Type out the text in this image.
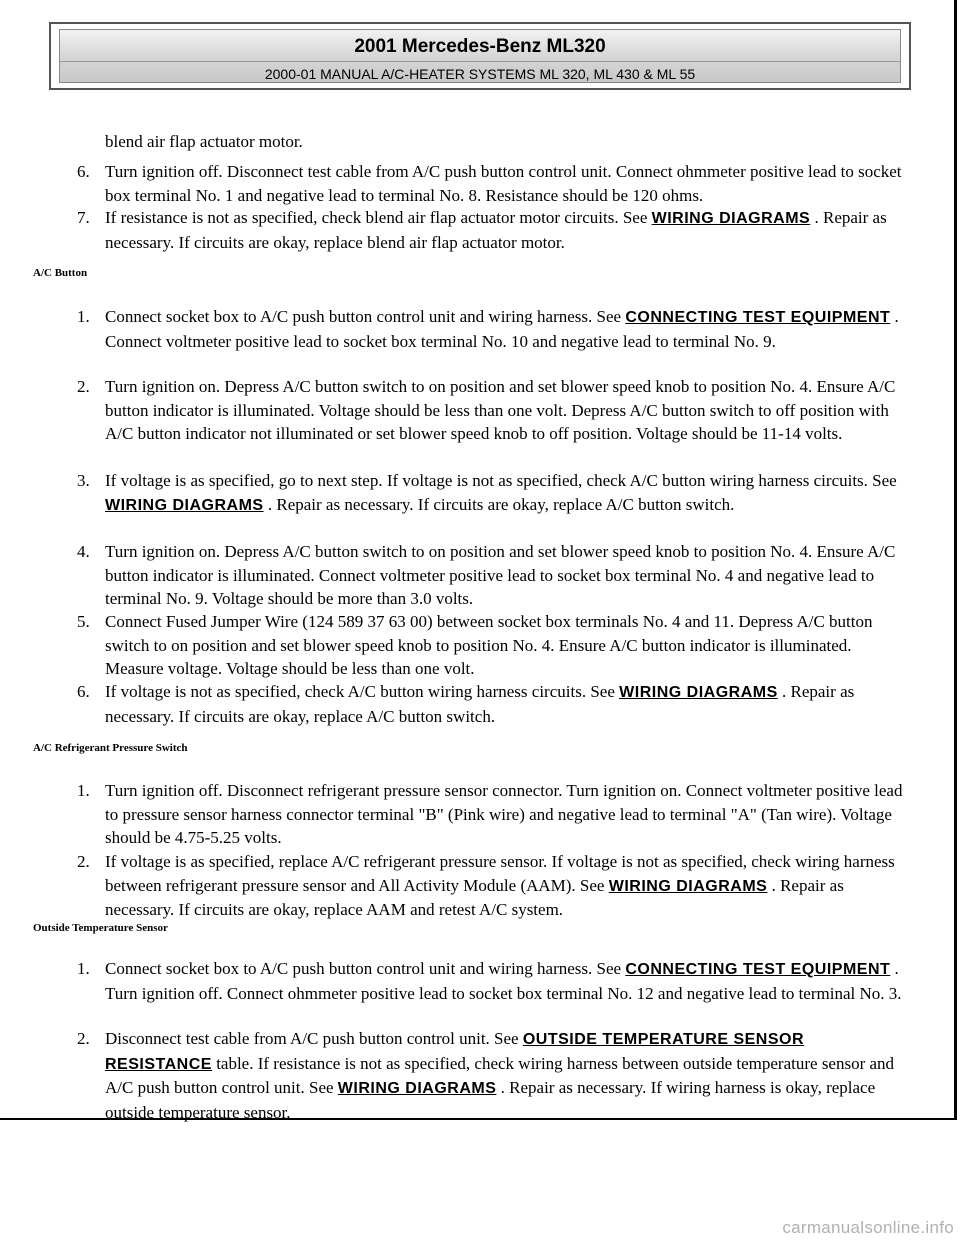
2001 Mercedes-Benz ML320
2000-01 MANUAL A/C-HEATER SYSTEMS ML 320, ML 430 & ML 55
blend air flap actuator motor.
6. Turn ignition off. Disconnect test cable from A/C push button control unit. Connect ohmmeter positive lead to socket box terminal No. 1 and negative lead to terminal No. 8. Resistance should be 120 ohms.
7. If resistance is not as specified, check blend air flap actuator motor circuits. See WIRING DIAGRAMS . Repair as necessary. If circuits are okay, replace blend air flap actuator motor.
A/C Button
1. Connect socket box to A/C push button control unit and wiring harness. See CONNECTING TEST EQUIPMENT . Connect voltmeter positive lead to socket box terminal No. 10 and negative lead to terminal No. 9.
2. Turn ignition on. Depress A/C button switch to on position and set blower speed knob to position No. 4. Ensure A/C button indicator is illuminated. Voltage should be less than one volt. Depress A/C button switch to off position with A/C button indicator not illuminated or set blower speed knob to off position. Voltage should be 11-14 volts.
3. If voltage is as specified, go to next step. If voltage is not as specified, check A/C button wiring harness circuits. See WIRING DIAGRAMS . Repair as necessary. If circuits are okay, replace A/C button switch.
4. Turn ignition on. Depress A/C button switch to on position and set blower speed knob to position No. 4. Ensure A/C button indicator is illuminated. Connect voltmeter positive lead to socket box terminal No. 4 and negative lead to terminal No. 9. Voltage should be more than 3.0 volts.
5. Connect Fused Jumper Wire (124 589 37 63 00) between socket box terminals No. 4 and 11. Depress A/C button switch to on position and set blower speed knob to position No. 4. Ensure A/C button indicator is illuminated. Measure voltage. Voltage should be less than one volt.
6. If voltage is not as specified, check A/C button wiring harness circuits. See WIRING DIAGRAMS . Repair as necessary. If circuits are okay, replace A/C button switch.
A/C Refrigerant Pressure Switch
1. Turn ignition off. Disconnect refrigerant pressure sensor connector. Turn ignition on. Connect voltmeter positive lead to pressure sensor harness connector terminal "B" (Pink wire) and negative lead to terminal "A" (Tan wire). Voltage should be 4.75-5.25 volts.
2. If voltage is as specified, replace A/C refrigerant pressure sensor. If voltage is not as specified, check wiring harness between refrigerant pressure sensor and All Activity Module (AAM). See WIRING DIAGRAMS . Repair as necessary. If circuits are okay, replace AAM and retest A/C system.
Outside Temperature Sensor
1. Connect socket box to A/C push button control unit and wiring harness. See CONNECTING TEST EQUIPMENT . Turn ignition off. Connect ohmmeter positive lead to socket box terminal No. 12 and negative lead to terminal No. 3.
2. Disconnect test cable from A/C push button control unit. See OUTSIDE TEMPERATURE SENSOR RESISTANCE table. If resistance is not as specified, check wiring harness between outside temperature sensor and A/C push button control unit. See WIRING DIAGRAMS . Repair as necessary. If wiring harness is okay, replace outside temperature sensor.
carmanualsonline.info
